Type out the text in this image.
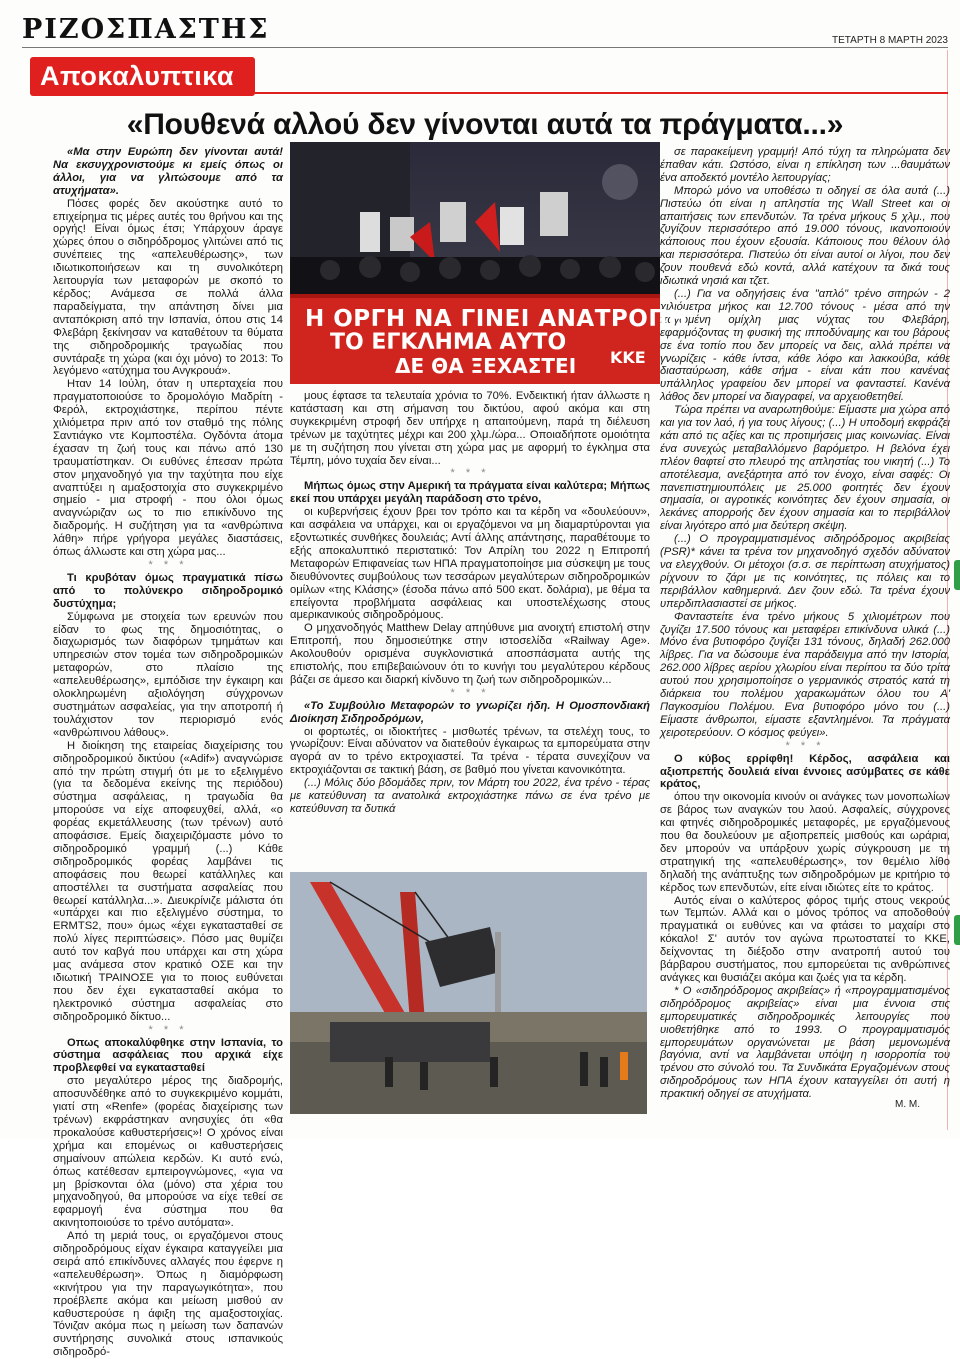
ΡΙΖΟΣΠΑΣΤΗΣ	ΤΕΤΑΡΤΗ 8 ΜΑΡΤΗ 2023
Αποκαλυπτικα
«Πουθενά αλλού δεν γίνονται αυτά τα πράγματα...»

«Μα στην Ευρώπη δεν γίνονται αυτά! Να εκσυγχρονιστούμε κι εμείς όπως οι άλλοι, για να γλιτώσουμε από τα ατυχήματα».

Πόσες φορές δεν ακούστηκε αυτό το επιχείρημα τις μέρες αυτές του θρήνου και της οργής! Είναι όμως έτσι; Υπάρχουν άραγε χώρες όπου ο σιδηρόδρομος γλιτώνει από τις συνέπειες της «απελευθέρωσης», των ιδιωτικοποιήσεων και τη συνολικότερη λειτουργία των μεταφορών με σκοπό το κέρδος; Ανάμεσα σε πολλά άλλα παραδείγματα, την απάντηση δίνει μια ανταπόκριση από την Ισπανία, όπου στις 14 Φλεβάρη ξεκίνησαν να καταθέτουν τα θύματα της σιδηροδρομικής τραγωδίας που συντάραξε τη χώρα (και όχι μόνο) το 2013: Το λεγόμενο «ατύχημα του Ανγκρουά».

Ηταν 14 Ιούλη, όταν η υπερταχεία που πραγματοποιούσε το δρομολόγιο Μαδρίτη - Φερόλ, εκτροχιάστηκε, περίπου πέντε χιλιόμετρα πριν από τον σταθμό της πόλης Σαντιάγκο ντε Κομποστέλα. Ογδόντα άτομα έχασαν τη ζωή τους και πάνω από 130 τραυματίστηκαν. Οι ευθύνες έπεσαν πρώτα στον μηχανοδηγό για την ταχύτητα που είχε αναπτύξει η αμαξοστοιχία στο συγκεκριμένο σημείο - μια στροφή - που όλοι όμως αναγνώριζαν ως το πιο επικίνδυνο της διαδρομής. Η συζήτηση για τα «ανθρώπινα λάθη» πήρε γρήγορα μεγάλες διαστάσεις, όπως άλλωστε και στη χώρα μας...

* * *

Τι κρυβόταν όμως πραγματικά πίσω από το πολύνεκρο σιδηροδρομικό δυστύχημα;

Σύμφωνα με στοιχεία των ερευνών που είδαν το φως της δημοσιότητας, ο διαχωρισμός των διαφόρων τμημάτων και υπηρεσιών στον τομέα των σιδηροδρομικών μεταφορών, στο πλαίσιο της «απελευθέρωσης», εμπόδισε την έγκαιρη και ολοκληρωμένη αξιολόγηση σύγχρονων συστημάτων ασφαλείας, για την αποτροπή ή τουλάχιστον τον περιορισμό ενός «ανθρώπινου λάθους».

Η διοίκηση της εταιρείας διαχείρισης του σιδηροδρομικού δικτύου («Adif») αναγνώρισε από την πρώτη στιγμή ότι με το εξελιγμένο (για τα δεδομένα εκείνης της περιόδου) σύστημα ασφάλειας, η τραγωδία θα μπορούσε να είχε αποφευχθεί, αλλά, «ο φορέας εκμετάλλευσης (των τρένων) αυτό αποφάσισε. Εμείς διαχειριζόμαστε μόνο το σιδηροδρομικό γραμμή (...) Κάθε σιδηροδρομικός φορέας λαμβάνει τις αποφάσεις που θεωρεί κατάλληλες και αποστέλλει τα συστήματα ασφαλείας που θεωρεί κατάλληλα...». Διευκρίνιζε μάλιστα ότι «υπάρχει και πιο εξελιγμένο σύστημα, το ERMTS2, που» όμως «έχει εγκατασταθεί σε πολύ λίγες περιπτώσεις». Πόσο μας θυμίζει αυτό τον καβγά που υπάρχει και στη χώρα μας ανάμεσα στον κρατικό ΟΣΕ και την ιδιωτική ΤΡΑΙΝΟΣΕ για το ποιος ευθύνεται που δεν έχει εγκατασταθεί ακόμα το ηλεκτρονικό σύστημα ασφαλείας στο σιδηροδρομικό δίκτυο...

* * *

Οπως αποκαλύφθηκε στην Ισπανία, το σύστημα ασφάλειας που αρχικά είχε προβλεφθεί να εγκατασταθεί

στο μεγαλύτερο μέρος της διαδρομής, αποσυνδέθηκε από το συγκεκριμένο κομμάτι, γιατί στη «Renfe» (φορέας διαχείρισης των τρένων) εκφράστηκαν ανησυχίες ότι «θα προκαλούσε καθυστερήσεις»! Ο χρόνος είναι χρήμα και επομένως οι καθυστερήσεις σημαίνουν απώλεια κερδών. Κι αυτό ενώ, όπως κατέθεσαν εμπειρογνώμονες, «για να μη βρίσκονται όλα (μόνο) στα χέρια του μηχανοδηγού, θα μπορούσε να είχε τεθεί σε εφαρμογή ένα σύστημα που θα ακινητοποιούσε το τρένο αυτόματα».

Από τη μεριά τους, οι εργαζόμενοι στους σιδηροδρόμους είχαν έγκαιρα καταγγείλει μια σειρά από επικίνδυνες αλλαγές που έφερνε η «απελευθέρωση». Όπως η διαμόρφωση «κινήτρου για την παραγωγικότητα», που προέβλεπε ακόμα και μείωση μισθού αν καθυστερούσε η άφιξη της αμαξοστοιχίας. Τόνιζαν ακόμα πως η μείωση των δαπανών συντήρησης συνολικά στους ισπανικούς σιδηροδρό-

μους έφτασε τα τελευταία χρόνια το 70%. Ενδεικτική ήταν άλλωστε η κατάσταση και στη σήμανση του δικτύου, αφού ακόμα και στη συγκεκριμένη στροφή δεν υπήρχε η απαιτούμενη, παρά τη διέλευση τρένων με ταχύτητες μέχρι και 200 χλμ./ώρα... Οποιαδήποτε ομοιότητα με τη συζήτηση που γίνεται στη χώρα μας με αφορμή το έγκλημα στα Τέμπη, μόνο τυχαία δεν είναι...

* * *

Μήπως όμως στην Αμερική τα πράγματα είναι καλύτερα; Μήπως εκεί που υπάρχει μεγάλη παράδοση στο τρένο,

οι κυβερνήσεις έχουν βρει τον τρόπο και τα κέρδη να «δουλεύουν», και ασφάλεια να υπάρχει, και οι εργαζόμενοι να μη διαμαρτύρονται για εξοντωτικές συνθήκες δουλειάς; Αντί άλλης απάντησης, παραθέτουμε το εξής αποκαλυπτικό περιστατικό: Τον Απρίλη του 2022 η Επιτροπή Μεταφορών Επιφανείας των ΗΠΑ πραγματοποίησε μια σύσκεψη με τους διευθύνοντες συμβούλους των τεσσάρων μεγαλύτερων σιδηροδρομικών ομίλων «της Κλάσης» (έσοδα πάνω από 500 εκατ. δολάρια), με θέμα τα επείγοντα προβλήματα ασφάλειας και υποστελέχωσης στους αμερικανικούς σιδηροδρόμους.

Ο μηχανοδηγός Matthew Delay απηύθυνε μια ανοιχτή επιστολή στην Επιτροπή, που δημοσιεύτηκε στην ιστοσελίδα «Railway Age». Ακολουθούν ορισμένα συγκλονιστικά αποσπάσματα αυτής της επιστολής, που επιβεβαιώνουν ότι το κυνήγι του μεγαλύτερου κέρδους βάζει σε άμεσο και διαρκή κίνδυνο τη ζωή των σιδηροδρομικών...

* * *

«Το Συμβούλιο Μεταφορών το γνωρίζει ήδη. Η Ομοσπονδιακή Διοίκηση Σιδηροδρόμων,

οι φορτωτές, οι ιδιοκτήτες - μισθωτές τρένων, τα στελέχη τους, το γνωρίζουν: Είναι αδύνατον να διατεθούν έγκαιρως τα εμπορεύματα στην αγορά αν το τρένο εκτροχιαστεί. Τα τρένα - τέρατα συνεχίζουν να εκτροχιάζονται σε τακτική βάση, σε βαθμό που γίνεται κανονικότητα.

(...) Μόλις δύο βδομάδες πριν, τον Μάρτη του 2022, ένα τρένο - τέρας με κατεύθυνση τα ανατολικά εκτροχιάστηκε πάνω σε ένα τρένο με κατεύθυνση τα δυτικά

σε παρακείμενη γραμμή! Από τύχη τα πληρώματα δεν έπαθαν κάτι. Ωστόσο, είναι η επίκληση των ...θαυμάτων ένα αποδεκτό μοντέλο λειτουργίας;

Μπορώ μόνο να υποθέσω τι οδηγεί σε όλα αυτά (...) Πιστεύω ότι είναι η απληστία της Wall Street και οι απαιτήσεις των επενδυτών. Τα τρένα μήκους 5 χλμ., που ζυγίζουν περισσότερο από 19.000 τόνους, ικανοποιούν κάποιους που έχουν εξουσία. Κάποιους που θέλουν όλο και περισσότερα. Πιστεύω ότι είναι αυτοί οι λίγοι, που δεν ζουν πουθενά εδώ κοντά, αλλά κατέχουν τα δικά τους ιδιωτικά νησιά και τζετ.

(...) Για να οδηγήσεις ένα "απλό" τρένο σιτηρών - 2 χιλιόμετρα μήκος και 12.700 τόνους - μέσα από την παγωμένη ομίχλη μιας νύχτας του Φλεβάρη, εφαρμόζοντας τη φυσική της ιπποδύναμης και του βάρους σε ένα τοπίο που δεν μπορείς να δεις, αλλά πρέπει να γνωρίζεις - κάθε ίντσα, κάθε λόφο και λακκούβα, κάθε διασταύρωση, κάθε σήμα - είναι κάτι που κανένας υπάλληλος γραφείου δεν μπορεί να φανταστεί. Κανένα λάθος δεν μπορεί να διαγραφεί, να αρχειοθετηθεί.

Τώρα πρέπει να αναρωτηθούμε: Είμαστε μια χώρα από και για τον λαό, ή για τους λίγους; (...) Η υποδομή εκφράζει κάτι από τις αξίες και τις προτιμήσεις μιας κοινωνίας. Είναι ένα συνεχώς μεταβαλλόμενο βαρόμετρο. Η βελόνα έχει πλέον θαφτεί στο πλευρό της απληστίας του νικητή (...) Το αποτέλεσμα, ανεξάρτητα από τον ένοχο, είναι σαφές: Οι πανεπιστημιουπόλεις με 25.000 φοιτητές δεν έχουν σημασία, οι αγροτικές κοινότητες δεν έχουν σημασία, οι λεκάνες απορροής δεν έχουν σημασία και το περιβάλλον είναι λιγότερο από μια δεύτερη σκέψη.

(...) Ο προγραμματισμένος σιδηρόδρομος ακριβείας (PSR)* κάνει τα τρένα τον μηχανοδηγό σχεδόν αδύνατον να ελεγχθούν. Οι μέτοχοι (σ.σ. σε περίπτωση ατυχήματος) ρίχνουν το ζάρι με τις κοινότητες, τις πόλεις και το περιβάλλον καθημερινά. Δεν ζουν εδώ. Τα τρένα έχουν υπερδιπλασιαστεί σε μήκος.

Φανταστείτε ένα τρένο μήκους 5 χιλιομέτρων που ζυγίζει 17.500 τόνους και μεταφέρει επικίνδυνα υλικά (...) Μόνο ένα βυτιοφόρο ζυγίζει 131 τόνους, δηλαδή 262.000 λίβρες. Για να δώσουμε ένα παράδειγμα από την Ιστορία, 262.000 λίβρες αερίου χλωρίου είναι περίπου τα δύο τρίτα αυτού που χρησιμοποίησε ο γερμανικός στρατός κατά τη διάρκεια του πολέμου χαρακωμάτων όλου του Α' Παγκοσμίου Πολέμου. Ενα βυτιοφόρο μόνο του (...) Είμαστε άνθρωποι, είμαστε εξαντλημένοι. Τα πράγματα χειροτερεύουν. Ο κόσμος φεύγει».

* * *

Ο κύβος ερρίφθη! Κέρδος, ασφάλεια και αξιοπρεπής δουλειά είναι έννοιες ασύμβατες σε κάθε κράτος,

όπου την οικονομία κινούν οι ανάγκες των μονοπωλίων σε βάρος των αναγκών του λαού. Ασφαλείς, σύγχρονες και φτηνές σιδηροδρομικές μεταφορές, με εργαζόμενους που θα δουλεύουν με αξιοπρεπείς μισθούς και ωράρια, δεν μπορούν να υπάρξουν χωρίς σύγκρουση με τη στρατηγική της «απελευθέρωσης», τον θεμέλιο λίθο δηλαδή της ανάπτυξης των σιδηροδρόμων με κριτήριο το κέρδος των επενδυτών, είτε είναι ιδιώτες είτε το κράτος.

Αυτός είναι ο καλύτερος φόρος τιμής στους νεκρούς των Τεμπών. Αλλά και ο μόνος τρόπος να αποδοθούν πραγματικά οι ευθύνες και να φτάσει το μαχαίρι στο κόκαλο! Σ' αυτόν τον αγώνα πρωτοστατεί το ΚΚΕ, δείχνοντας τη διέξοδο στην ανατροπή αυτού του βάρβαρου συστήματος, που εμπορεύεται τις ανθρώπινες ανάγκες και θυσιάζει ακόμα και ζωές για τα κέρδη.

* Ο «σιδηρόδρομος ακριβείας» ή «προγραμματισμένος σιδηρόδρομος ακριβείας» είναι μια έννοια στις εμπορευματικές σιδηροδρομικές λειτουργίες που υιοθετήθηκε από το 1993. Ο προγραμματισμός εμπορευμάτων οργανώνεται με βάση μεμονωμένα βαγόνια, αντί να λαμβάνεται υπόψη η ισορροπία του τρένου στο σύνολό του. Τα Συνδικάτα Εργαζομένων στους σιδηροδρόμους των ΗΠΑ έχουν καταγγείλει ότι αυτή η πρακτική οδηγεί σε ατυχήματα.

Η ΟΡΓΗ ΝΑ ΓΙΝΕΙ ΑΝΑΤΡΟΠΗ
ΤΟ ΕΓΚΛΗΜΑ ΑΥΤΟ
ΔΕ ΘΑ ΞΕΧΑΣΤΕΙ ΚΚΕ
Μ. Μ.
